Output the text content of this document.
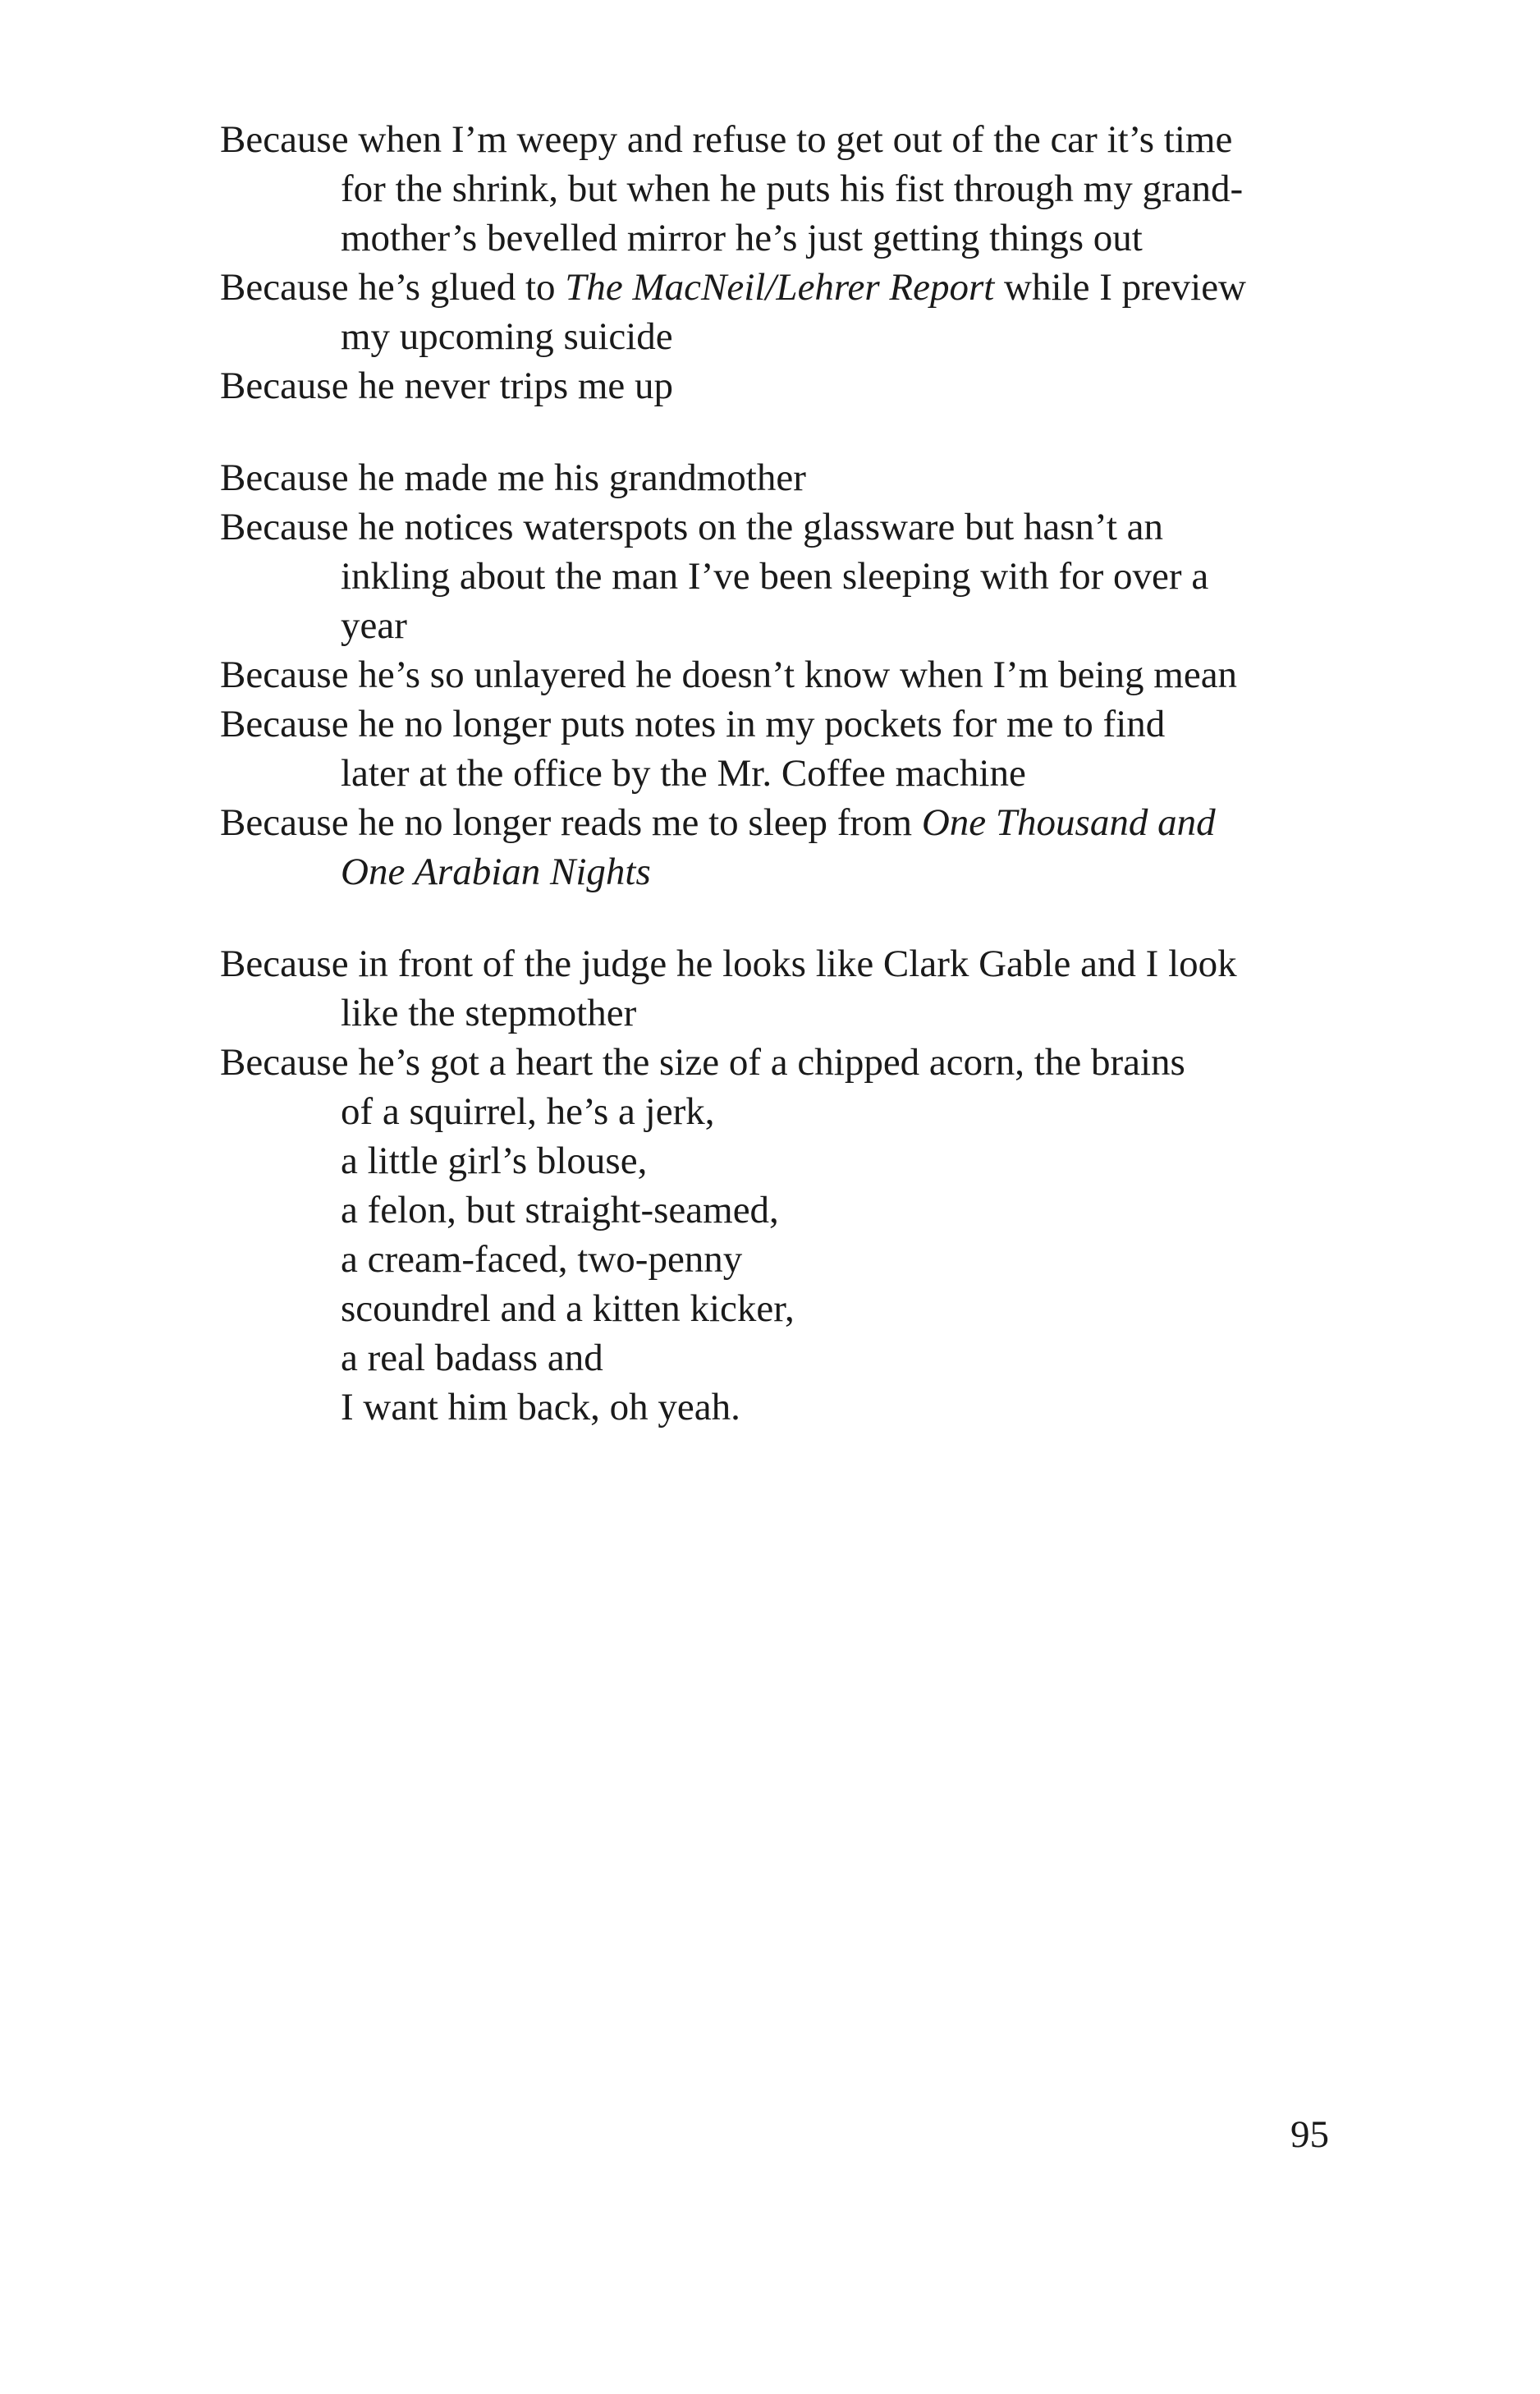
Because when I’m weepy and refuse to get out of the car it’s time
for the shrink, but when he puts his fist through my grand-
mother’s bevelled mirror he’s just getting things out
Because he’s glued to The MacNeil/Lehrer Report while I preview
my upcoming suicide
Because he never trips me up
Because he made me his grandmother
Because he notices waterspots on the glassware but hasn’t an
inkling about the man I’ve been sleeping with for over a
year
Because he’s so unlayered he doesn’t know when I’m being mean
Because he no longer puts notes in my pockets for me to find
later at the office by the Mr. Coffee machine
Because he no longer reads me to sleep from One Thousand and
One Arabian Nights
Because in front of the judge he looks like Clark Gable and I look
like the stepmother
Because he’s got a heart the size of a chipped acorn, the brains
of a squirrel, he’s a jerk,
a little girl’s blouse,
a felon, but straight-seamed,
a cream-faced, two-penny
scoundrel and a kitten kicker,
a real badass and
I want him back, oh yeah.
95
